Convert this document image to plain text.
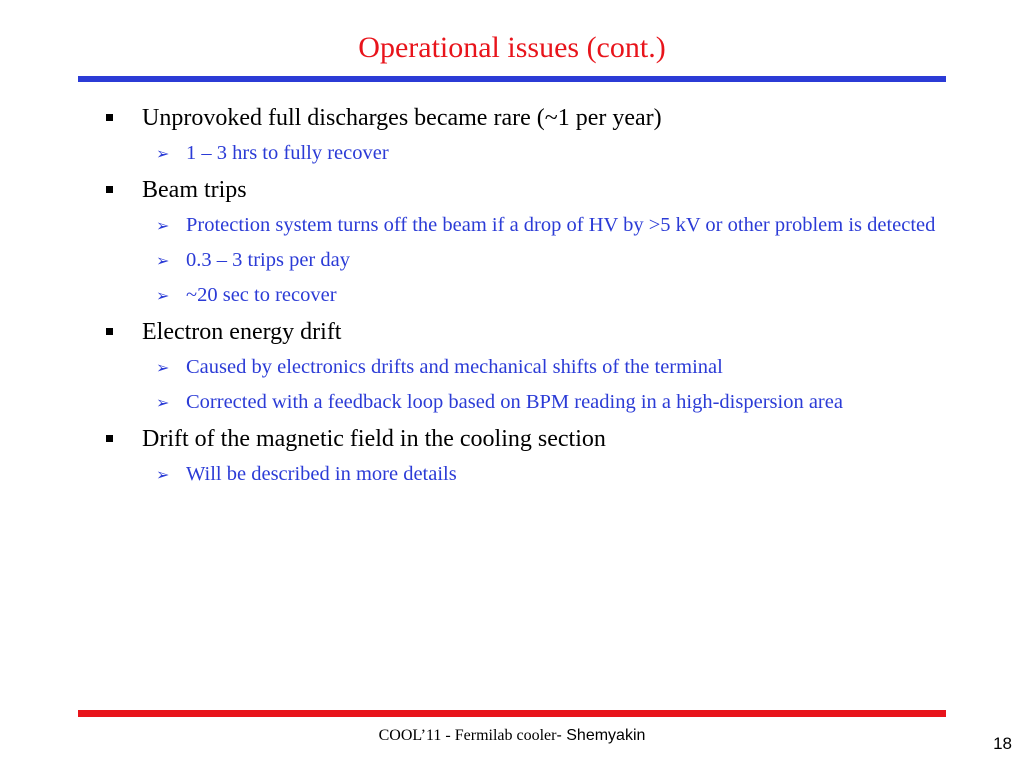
Operational issues (cont.)
Unprovoked full discharges became rare (~1 per year)
➢ 1 – 3 hrs to fully recover
Beam trips
➢ Protection system turns off the beam if a drop of HV by >5 kV or other problem is detected
➢ 0.3 – 3 trips per day
➢ ~20 sec to recover
Electron energy drift
➢ Caused by electronics drifts and mechanical shifts of the terminal
➢ Corrected with a feedback loop based on BPM reading in a high-dispersion area
Drift of the magnetic field in the cooling section
➢ Will be described in more details
COOL’11 - Fermilab cooler- Shemyakin	18
